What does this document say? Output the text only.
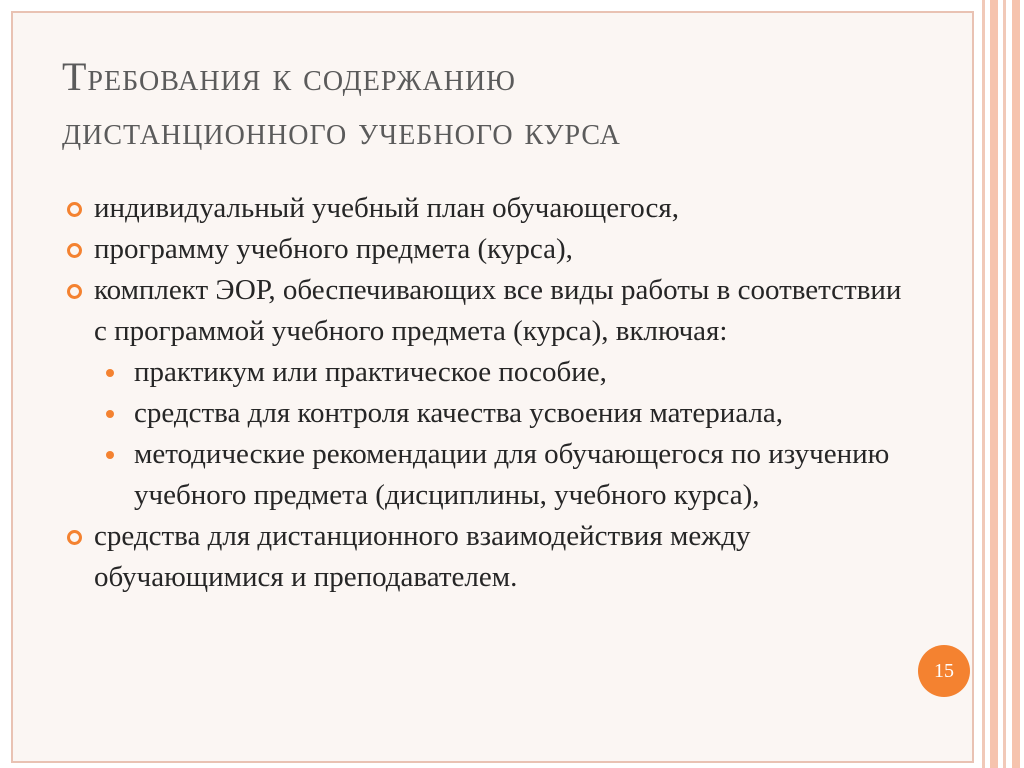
Требования к содержанию
дистанционного учебного курса
индивидуальный учебный план обучающегося,
программу учебного предмета (курса),
комплект ЭОР, обеспечивающих все виды работы в соответствии с программой учебного предмета (курса), включая:
практикум или практическое пособие,
средства для контроля качества усвоения материала,
методические рекомендации для обучающегося по изучению учебного предмета (дисциплины, учебного курса),
средства для дистанционного взаимодействия между обучающимися и преподавателем.
15
